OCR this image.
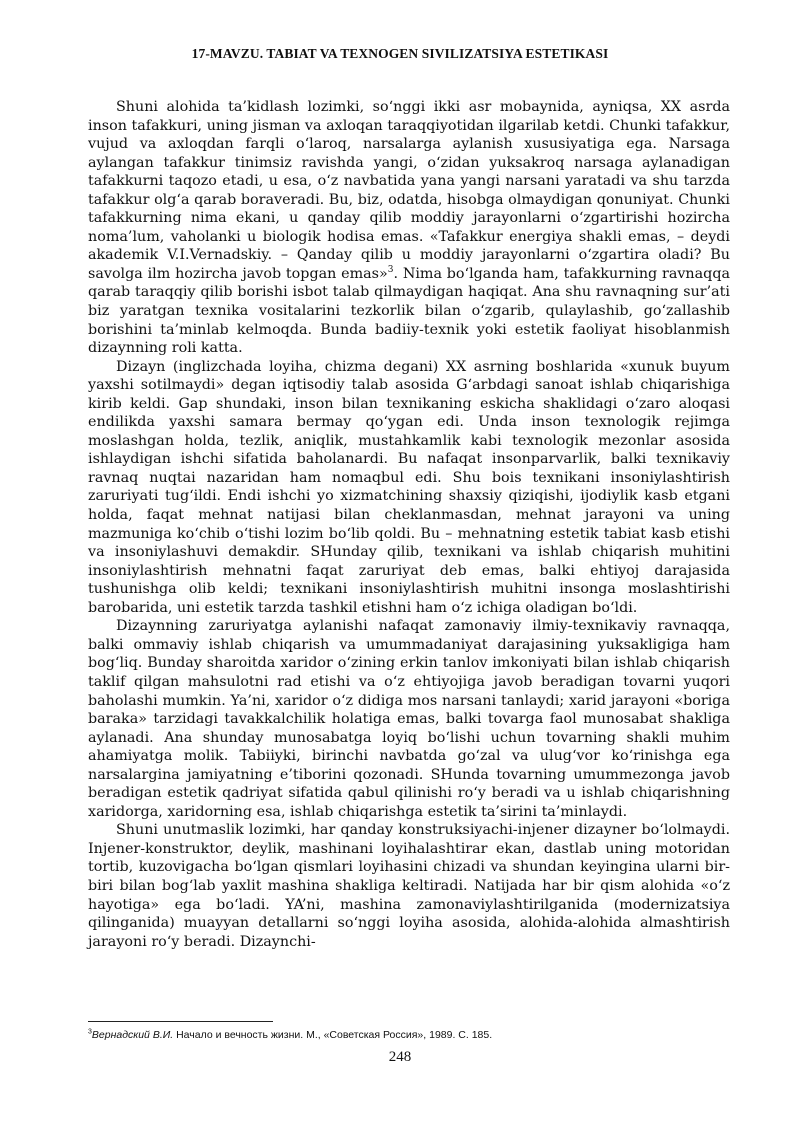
17-MAVZU. TABIAT VA TEXNOGEN SIVILIZATSIYA ESTETIKASI

Shuni alohida ta’kidlash lozimki, so‘nggi ikki asr mobaynida, ayniqsa, XX asrda inson tafakkuri, uning jisman va axloqan taraqqiyotidan ilgarilab ketdi. Chunki tafakkur, vujud va axloqdan farqli o‘laroq, narsalarga aylanish xususiyatiga ega. Narsaga aylangan tafakkur tinimsiz ravishda yangi, o‘zidan yuksakroq narsaga aylanadigan tafakkurni taqozo etadi, u esa, o‘z navbatida yana yangi narsani yaratadi va shu tarzda tafakkur olg‘a qarab boraveradi. Bu, biz, odatda, hisobga olmaydigan qonuniyat. Chunki tafakkurning nima ekani, u qanday qilib moddiy jarayonlarni o‘zgartirishi hozircha noma’lum, vaholanki u biologik hodisa emas. «Tafakkur energiya shakli emas, – deydi akademik V.I.Vernadskiy. – Qanday qilib u moddiy jarayonlarni o‘zgartira oladi? Bu savolga ilm hozircha javob topgan emas»$^3$. Nima bo‘lganda ham, tafakkurning ravnaqqa qarab taraqqiy qilib borishi isbot talab qilmaydigan haqiqat. Ana shu ravnaqning sur’ati biz yaratgan texnika vositalarini tezkorlik bilan o‘zgarib, qulaylashib, go‘zallashib borishini ta’minlab kelmoqda. Bunda badiiy-texnik yoki estetik faoliyat hisoblanmish dizaynning roli katta.

Dizayn (inglizchada loyiha, chizma degani) XX asrning boshlarida «xunuk buyum yaxshi sotilmaydi» degan iqtisodiy talab asosida G‘arbdagi sanoat ishlab chiqarishiga kirib keldi. Gap shundaki, inson bilan texnikaning eskicha shaklidagi o‘zaro aloqasi endilikda yaxshi samara bermay qo‘ygan edi. Unda inson texnologik rejimga moslashgan holda, tezlik, aniqlik, mustahkamlik kabi texnologik mezonlar asosida ishlaydigan ishchi sifatida baholanardi. Bu nafaqat insonparvarlik, balki texnikaviy ravnaq nuqtai nazaridan ham nomaqbul edi. Shu bois texnikani insoniylashtirish zaruriyati tug‘ildi. Endi ishchi yo xizmatchining shaxsiy qiziqishi, ijodiylik kasb etgani holda, faqat mehnat natijasi bilan cheklanmasdan, mehnat jarayoni va uning mazmuniga ko‘chib o‘tishi lozim bo‘lib qoldi. Bu – mehnatning estetik tabiat kasb etishi va insoniylashuvi demakdir. SHunday qilib, texnikani va ishlab chiqarish muhitini insoniylashtirish mehnatni faqat zaruriyat deb emas, balki ehtiyoj darajasida tushunishga olib keldi; texnikani insoniylashtirish muhitni insonga moslashtirishi barobarida, uni estetik tarzda tashkil etishni ham o‘z ichiga oladigan bo‘ldi.

Dizaynning zaruriyatga aylanishi nafaqat zamonaviy ilmiy-texnikaviy ravnaqqa, balki ommaviy ishlab chiqarish va umummadaniyat darajasining yuksakligiga ham bog‘liq. Bunday sharoitda xaridor o‘zining erkin tanlov imkoniyati bilan ishlab chiqarish taklif qilgan mahsulotni rad etishi va o‘z ehtiyojiga javob beradigan tovarni yuqori baholashi mumkin. Ya’ni, xaridor o‘z didiga mos narsani tanlaydi; xarid jarayoni «boriga baraka» tarzidagi tavakkalchilik holatiga emas, balki tovarga faol munosabat shakliga aylanadi. Ana shunday munosabatga loyiq bo‘lishi uchun tovarning shakli muhim ahamiyatga molik. Tabiiyki, birinchi navbatda go‘zal va ulug‘vor ko‘rinishga ega narsalargina jamiyatning e’tiborini qozonadi. SHunda tovarning umummezonga javob beradigan estetik qadriyat sifatida qabul qilinishi ro‘y beradi va u ishlab chiqarishning xaridorga, xaridorning esa, ishlab chiqarishga estetik ta’sirini ta’minlaydi.

Shuni unutmaslik lozimki, har qanday konstruksiyachi-injener dizayner bo‘lolmaydi. Injener-konstruktor, deylik, mashinani loyihalashtirar ekan, dastlab uning motoridan tortib, kuzovigacha bo‘lgan qismlari loyihasini chizadi va shundan keyingina ularni bir-biri bilan bog‘lab yaxlit mashina shakliga keltiradi. Natijada har bir qism alohida «o‘z hayotiga» ega bo‘ladi. YA’ni, mashina zamonaviylashtirilganida (modernizatsiya qilinganida) muayyan detallarni so‘nggi loyiha asosida, alohida-alohida almashtirish jarayoni ro‘y beradi. Dizaynchi-

$^3$Вернадский В.И. Начало и вечность жизни. М., «Советская Россия», 1989. С. 185.
248
